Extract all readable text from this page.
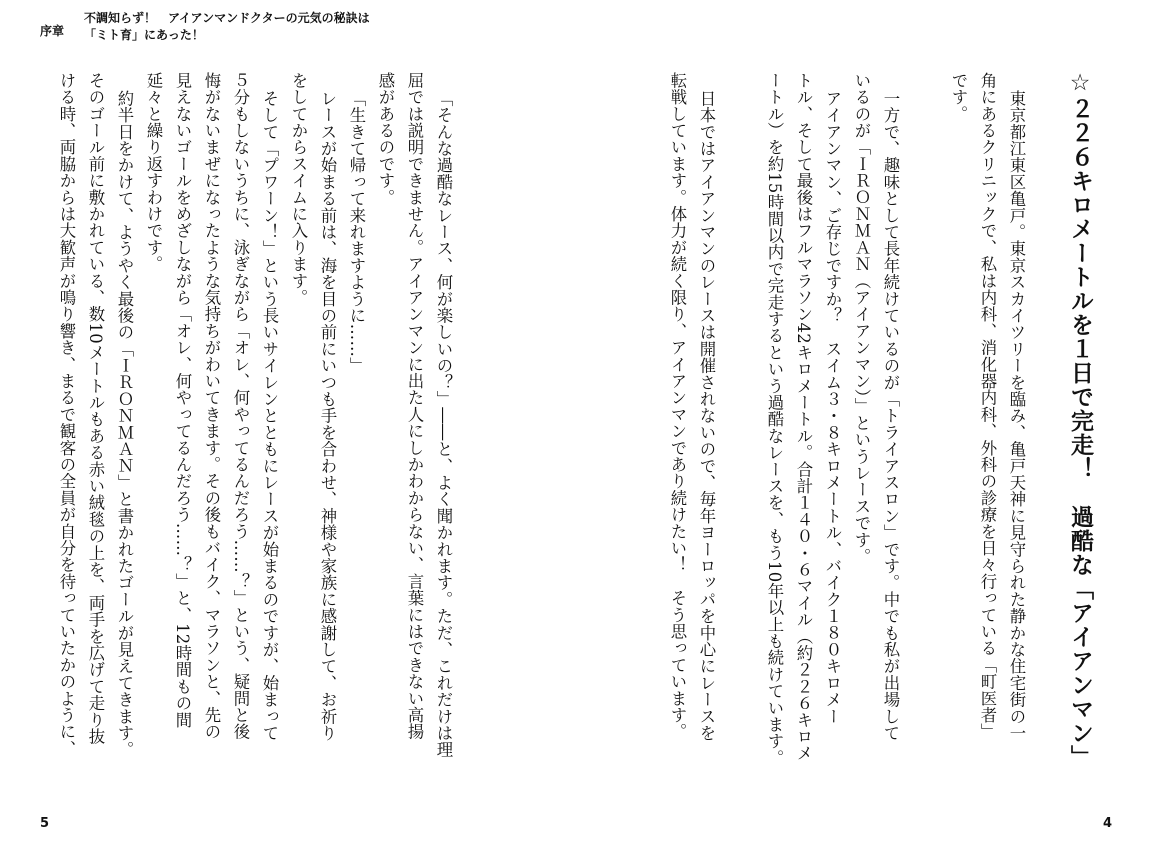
序章
不調知らず！　アイアンマンドクターの元気の秘訣は
「ミト育」にあった！
☆２２６キロメートルを１日で完走！　過酷な「アイアンマン」
東京都江東区亀戸。東京スカイツリーを臨み、亀戸天神に見守られた静かな住宅街の一
角にあるクリニックで、私は内科、消化器内科、外科の診療を日々行っている「町医者」
です。
一方で、趣味として長年続けているのが「トライアスロン」です。中でも私が出場して
いるのが「ＩＲＯＮＭＡＮ（アイアンマン）」というレースです。
アイアンマン、ご存じですか？　スイム３・８キロメートル、バイク１８０キロメー
トル、そして最後はフルマラソン42キロメートル。合計１４０・６マイル（約２２６キロメ
ートル）を約15時間以内で完走するという過酷なレースを、もう10年以上も続けています。
日本ではアイアンマンのレースは開催されないので、毎年ヨーロッパを中心にレースを
転戦しています。体力が続く限り、アイアンマンであり続けたい！　そう思っています。
「そんな過酷なレース、何が楽しいの？」――と、よく聞かれます。ただ、これだけは理
屈では説明できません。アイアンマンに出た人にしかわからない、言葉にはできない高揚
感があるのです。
「生きて帰って来れますように……」
レースが始まる前は、海を目の前にいつも手を合わせ、神様や家族に感謝して、お祈り
をしてからスイムに入ります。
そして「プワーン！」という長いサイレンとともにレースが始まるのですが、始まって
５分もしないうちに、泳ぎながら「オレ、何やってるんだろう……？」という、疑問と後
悔がないまぜになったような気持ちがわいてきます。その後もバイク、マラソンと、先の
見えないゴールをめざしながら「オレ、何やってるんだろう……？」と、12時間もの間
延々と繰り返すわけです。
約半日をかけて、ようやく最後の「ＩＲＯＮＭＡＮ」と書かれたゴールが見えてきます。
そのゴール前に敷かれている、数10メートルもある赤い絨毯の上を、両手を広げて走り抜
ける時、両脇からは大歓声が鳴り響き、まるで観客の全員が自分を待っていたかのように、
5	4
